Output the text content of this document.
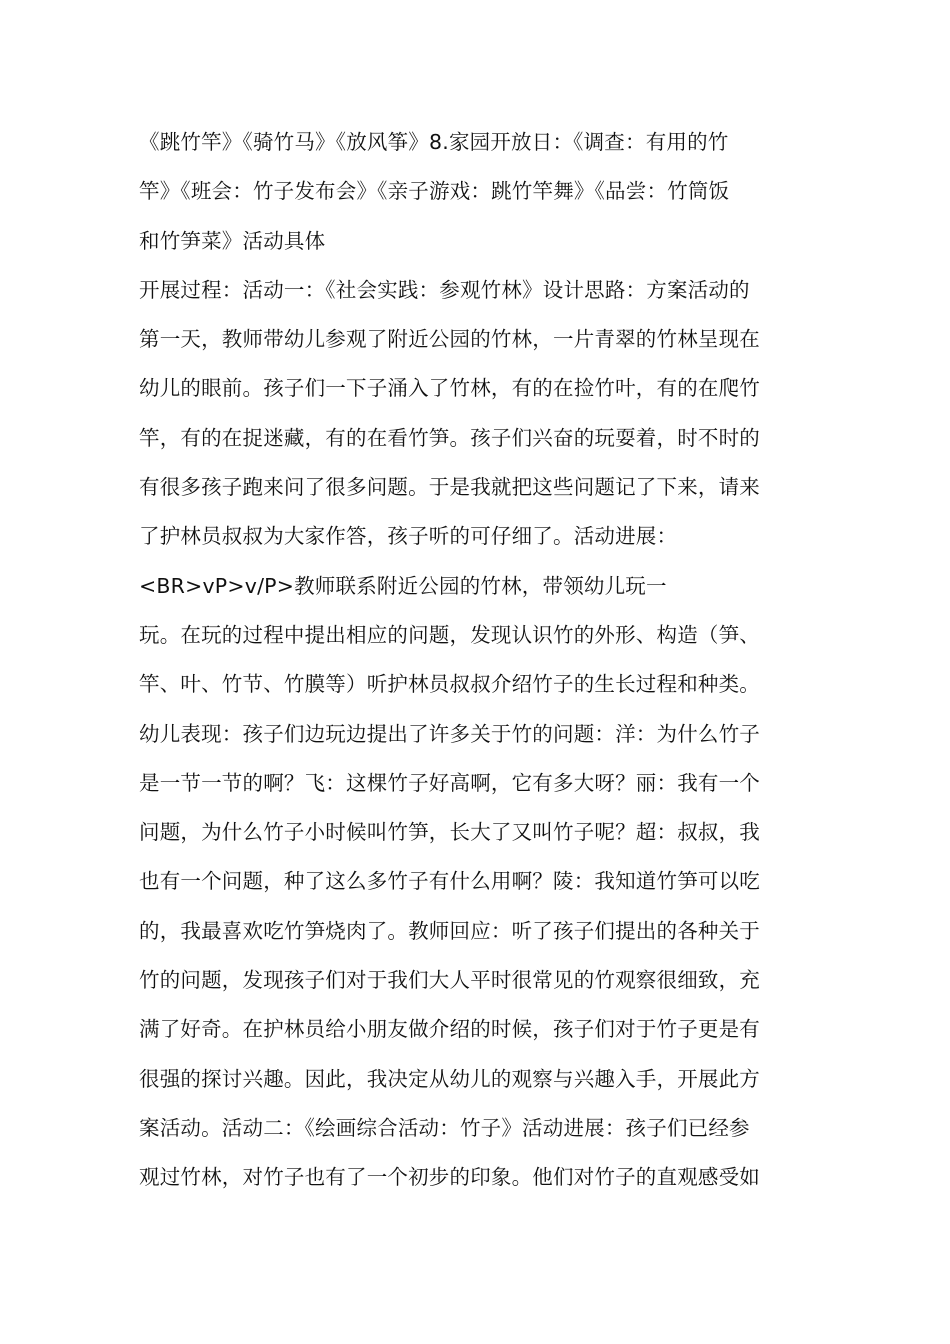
《跳竹竿》《骑竹马》《放风筝》8.家园开放日：《调查：有用的竹
竿》《班会：竹子发布会》《亲子游戏：跳竹竿舞》《品尝：竹筒饭
和竹笋菜》活动具体
开展过程：活动一：《社会实践：参观竹林》设计思路：方案活动的
第一天，教师带幼儿参观了附近公园的竹林，一片青翠的竹林呈现在
幼儿的眼前。孩子们一下子涌入了竹林，有的在捡竹叶，有的在爬竹
竿，有的在捉迷藏，有的在看竹笋。孩子们兴奋的玩耍着，时不时的
有很多孩子跑来问了很多问题。于是我就把这些问题记了下来，请来
了护林员叔叔为大家作答，孩子听的可仔细了。活动进展：
<BR>vP>v/P>教师联系附近公园的竹林，带领幼儿玩一
玩。在玩的过程中提出相应的问题，发现认识竹的外形、构造（笋、
竿、叶、竹节、竹膜等）听护林员叔叔介绍竹子的生长过程和种类。
幼儿表现：孩子们边玩边提出了许多关于竹的问题：洋：为什么竹子
是一节一节的啊？飞：这棵竹子好高啊，它有多大呀？丽：我有一个
问题，为什么竹子小时候叫竹笋，长大了又叫竹子呢？超：叔叔，我
也有一个问题，种了这么多竹子有什么用啊？陵：我知道竹笋可以吃
的，我最喜欢吃竹笋烧肉了。教师回应：听了孩子们提出的各种关于
竹的问题，发现孩子们对于我们大人平时很常见的竹观察很细致，充
满了好奇。在护林员给小朋友做介绍的时候，孩子们对于竹子更是有
很强的探讨兴趣。因此，我决定从幼儿的观察与兴趣入手，开展此方
案活动。活动二：《绘画综合活动：竹子》活动进展：孩子们已经参
观过竹林，对竹子也有了一个初步的印象。他们对竹子的直观感受如
